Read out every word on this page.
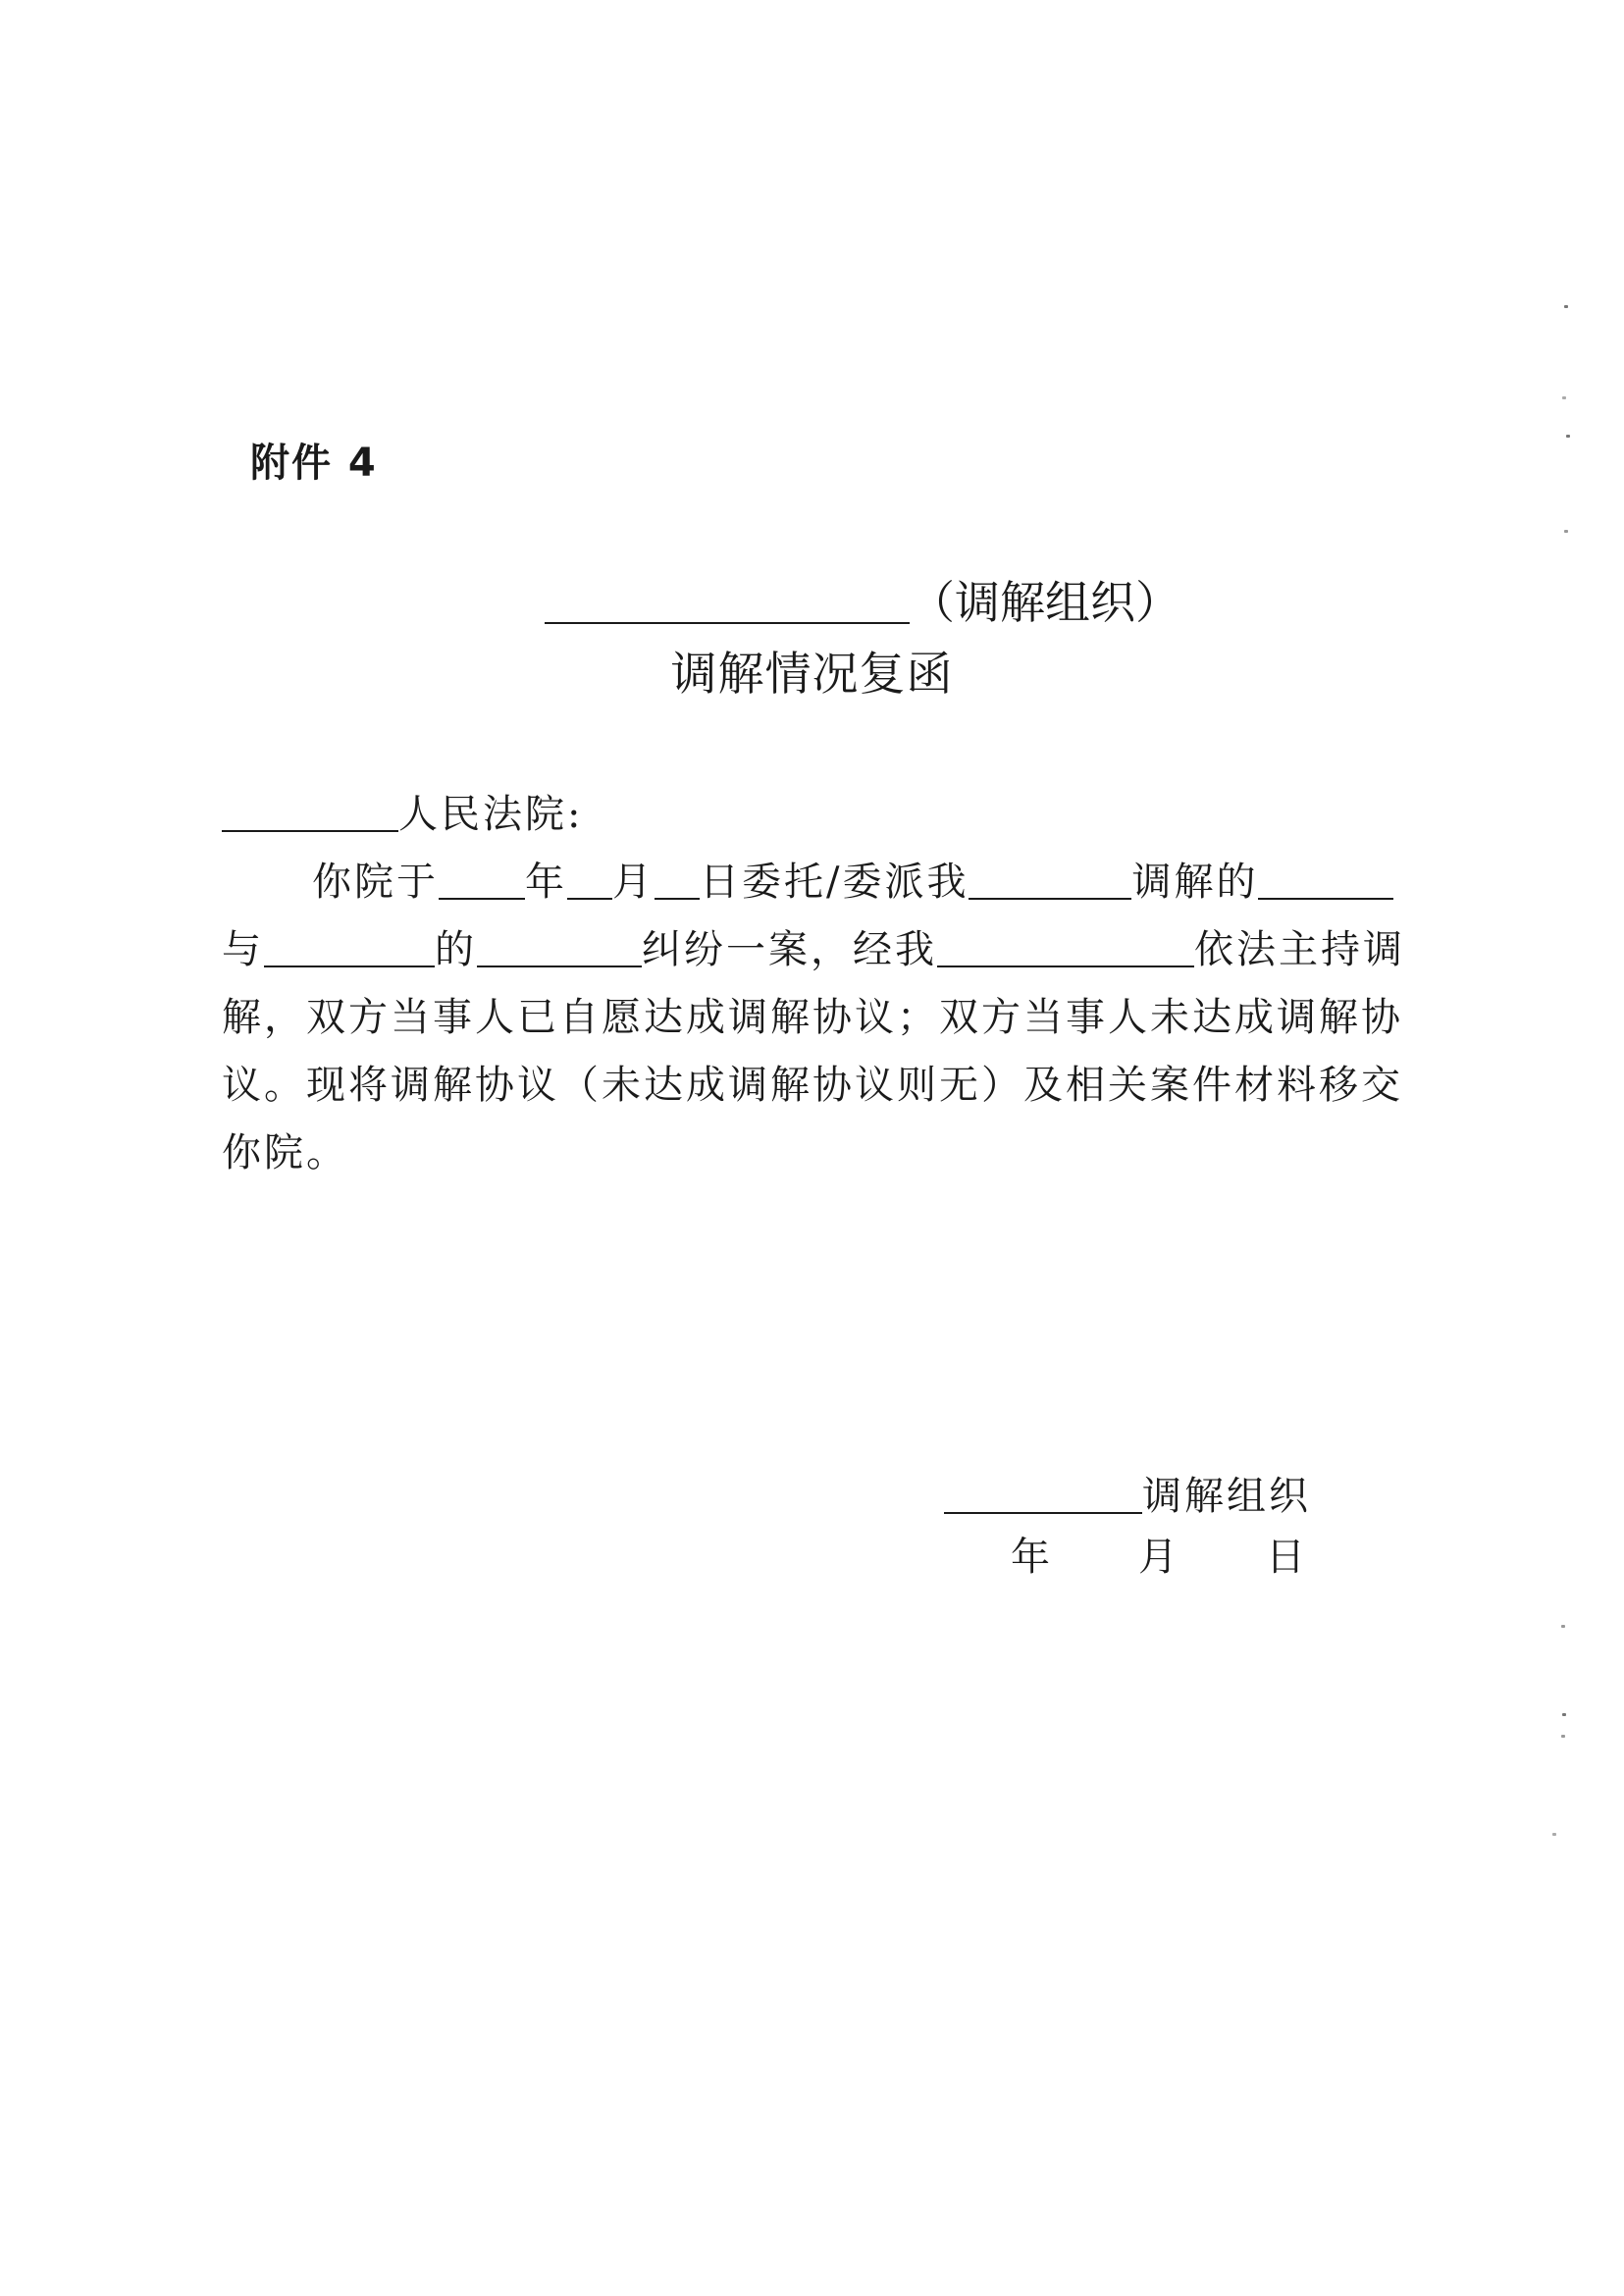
附件 4
（调解组织）
调解情况复函
人民法院:
你院于 年 月 日委托/委派我	调解的
与	的	纠纷一案，经我	依法主持调
解，双方当事人已自愿达成调解协议；双方当事人未达成调解协
议。现将调解协议（未达成调解协议则无）及相关案件材料移交
你院。
调解组织
年 月 日
